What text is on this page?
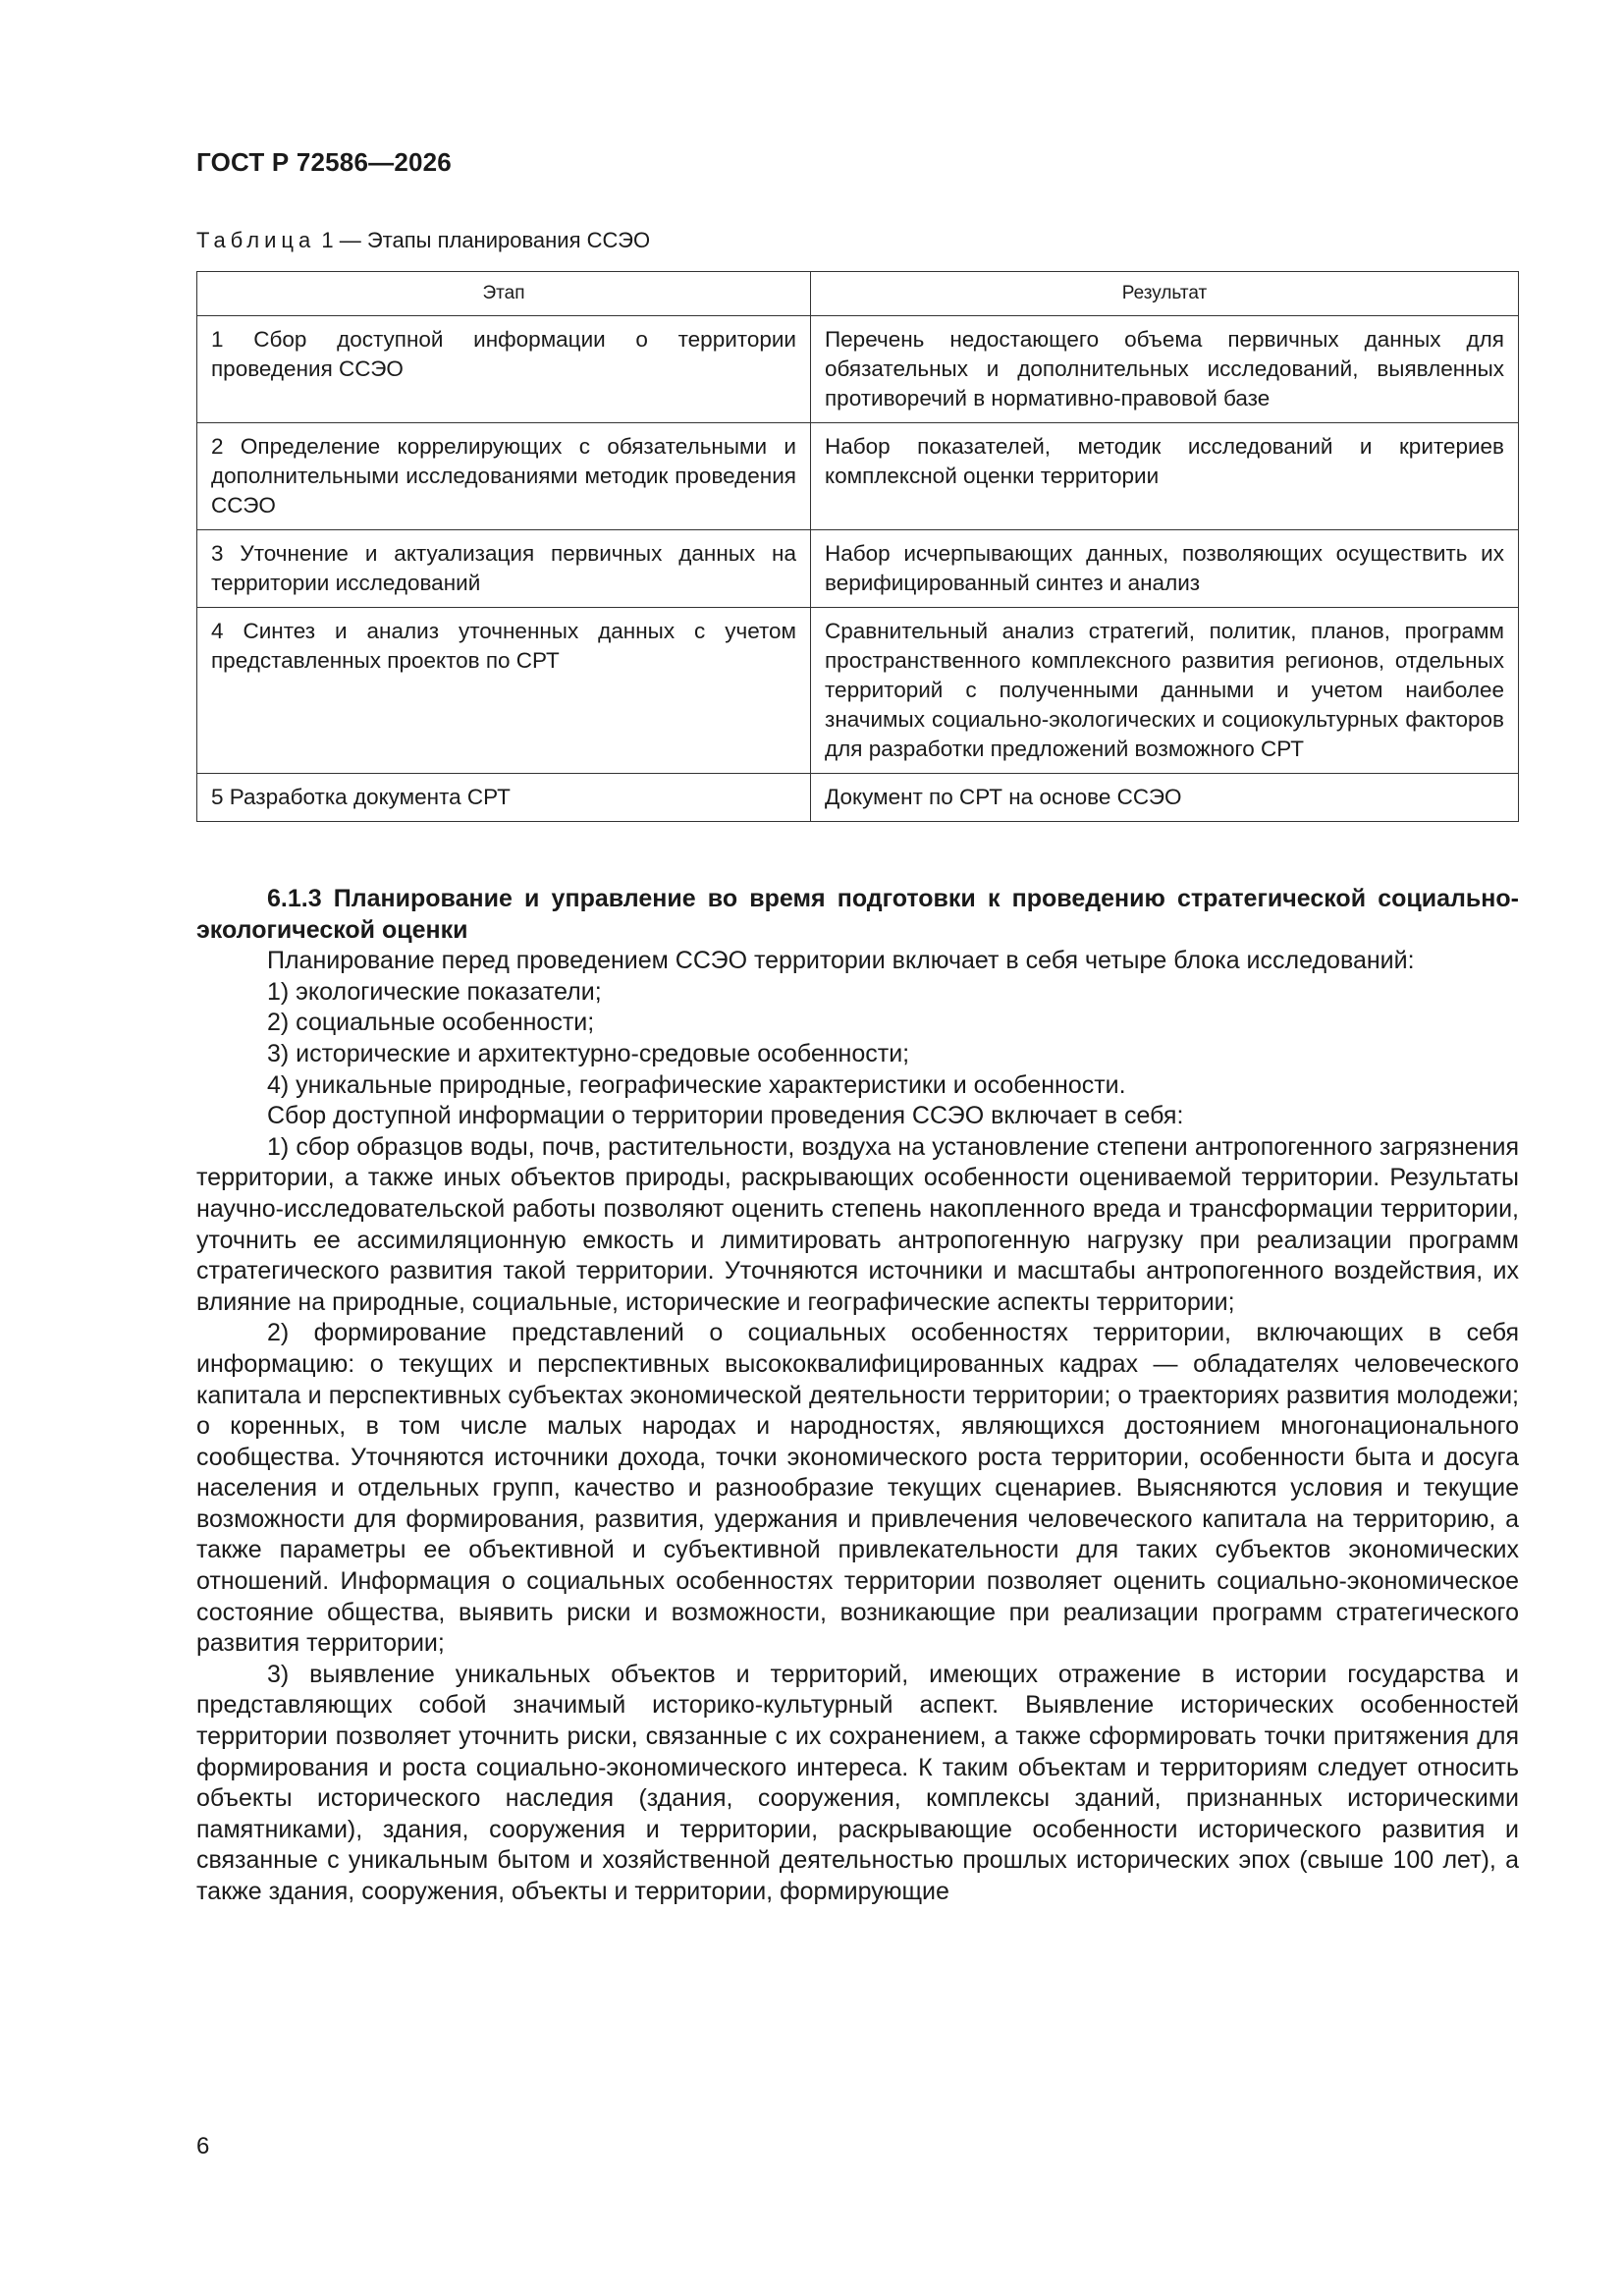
ГОСТ Р 72586—2026
Таблица 1 — Этапы планирования ССЭО
Этап	Результат
1 Сбор доступной информации о территории проведения ССЭО	Перечень недостающего объема первичных данных для обязательных и дополнительных исследований, выявленных противоречий в нормативно-правовой базе
2 Определение коррелирующих с обязательными и дополнительными исследованиями методик проведения ССЭО	Набор показателей, методик исследований и критериев комплексной оценки территории
3 Уточнение и актуализация первичных данных на территории исследований	Набор исчерпывающих данных, позволяющих осуществить их верифицированный синтез и анализ
4 Синтез и анализ уточненных данных с учетом представленных проектов по СРТ	Сравнительный анализ стратегий, политик, планов, программ пространственного комплексного развития регионов, отдельных территорий с полученными данными и учетом наиболее значимых социально-экологических и социокультурных факторов для разработки предложений возможного СРТ
5 Разработка документа СРТ	Документ по СРТ на основе ССЭО

6.1.3 Планирование и управление во время подготовки к проведению стратегической социально-экологической оценки

Планирование перед проведением ССЭО территории включает в себя четыре блока исследований:

1) экологические показатели;

2) социальные особенности;

3) исторические и архитектурно-средовые особенности;

4) уникальные природные, географические характеристики и особенности.

Сбор доступной информации о территории проведения ССЭО включает в себя:

1) сбор образцов воды, почв, растительности, воздуха на установление степени антропогенного загрязнения территории, а также иных объектов природы, раскрывающих особенности оцениваемой территории. Результаты научно-исследовательской работы позволяют оценить степень накопленного вреда и трансформации территории, уточнить ее ассимиляционную емкость и лимитировать антропогенную нагрузку при реализации программ стратегического развития такой территории. Уточняются источники и масштабы антропогенного воздействия, их влияние на природные, социальные, исторические и географические аспекты территории;

2) формирование представлений о социальных особенностях территории, включающих в себя информацию: о текущих и перспективных высококвалифицированных кадрах — обладателях человеческого капитала и перспективных субъектах экономической деятельности территории; о траекториях развития молодежи; о коренных, в том числе малых народах и народностях, являющихся достоянием многонационального сообщества. Уточняются источники дохода, точки экономического роста территории, особенности быта и досуга населения и отдельных групп, качество и разнообразие текущих сценариев. Выясняются условия и текущие возможности для формирования, развития, удержания и привлечения человеческого капитала на территорию, а также параметры ее объективной и субъективной привлекательности для таких субъектов экономических отношений. Информация о социальных особенностях территории позволяет оценить социально-экономическое состояние общества, выявить риски и возможности, возникающие при реализации программ стратегического развития территории;

3) выявление уникальных объектов и территорий, имеющих отражение в истории государства и представляющих собой значимый историко-культурный аспект. Выявление исторических особенностей территории позволяет уточнить риски, связанные с их сохранением, а также сформировать точки притяжения для формирования и роста социально-экономического интереса. К таким объектам и территориям следует относить объекты исторического наследия (здания, сооружения, комплексы зданий, признанных историческими памятниками), здания, сооружения и территории, раскрывающие особенности исторического развития и связанные с уникальным бытом и хозяйственной деятельностью прошлых исторических эпох (свыше 100 лет), а также здания, сооружения, объекты и территории, формирующие

6
